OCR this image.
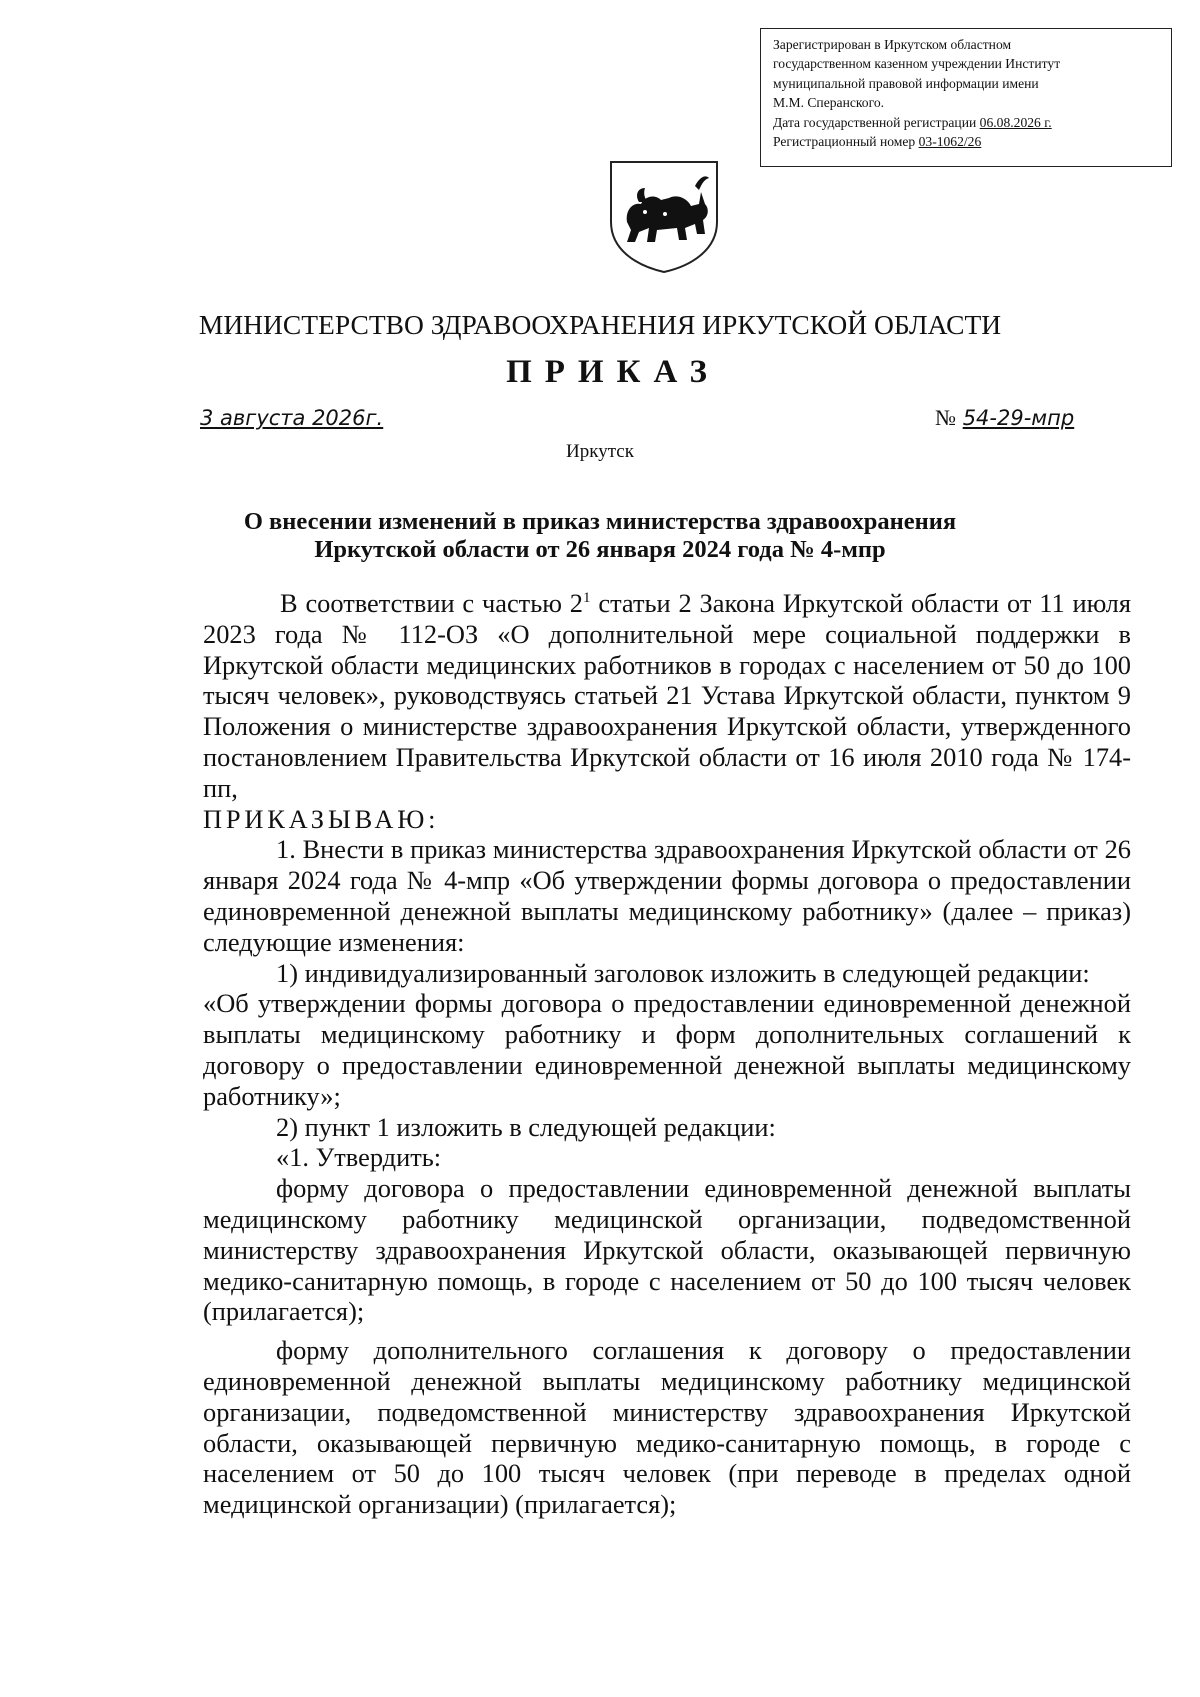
Зарегистрирован в Иркутском областном
государственном казенном учреждении Институт
муниципальной правовой информации имени
М.М. Сперанского.
Дата государственной регистрации 06.08.2026 г.
Регистрационный номер 03-1062/26
МИНИСТЕРСТВО ЗДРАВООХРАНЕНИЯ ИРКУТСКОЙ ОБЛАСТИ
ПРИКАЗ
3 августа 2026г.	№ 54-29-мпр
Иркутск
О внесении изменений в приказ министерства здравоохранения
Иркутской области от 26 января 2024 года № 4-мпр

В соответствии с частью $2^1$ статьи 2 Закона Иркутской области от 11 июля 2023 года № 112-ОЗ «О дополнительной мере социальной поддержки в Иркутской области медицинских работников в городах с населением от 50 до 100 тысяч человек», руководствуясь статьей 21 Устава Иркутской области, пунктом 9 Положения о министерстве здравоохранения Иркутской области, утвержденного постановлением Правительства Иркутской области от 16 июля 2010 года № 174-пп,

ПРИКАЗЫВАЮ:

1. Внести в приказ министерства здравоохранения Иркутской области от 26 января 2024 года № 4-мпр «Об утверждении формы договора о предоставлении единовременной денежной выплаты медицинскому работнику» (далее – приказ) следующие изменения:

1) индивидуализированный заголовок изложить в следующей редакции:

«Об утверждении формы договора о предоставлении единовременной денежной выплаты медицинскому работнику и форм дополнительных соглашений к договору о предоставлении единовременной денежной выплаты медицинскому работнику»;

2) пункт 1 изложить в следующей редакции:

«1. Утвердить:

форму договора о предоставлении единовременной денежной выплаты медицинскому работнику медицинской организации, подведомственной министерству здравоохранения Иркутской области, оказывающей первичную медико-санитарную помощь, в городе с населением от 50 до 100 тысяч человек (прилагается);

форму дополнительного соглашения к договору о предоставлении единовременной денежной выплаты медицинскому работнику медицинской организации, подведомственной министерству здравоохранения Иркутской области, оказывающей первичную медико-санитарную помощь, в городе с населением от 50 до 100 тысяч человек (при переводе в пределах одной медицинской организации) (прилагается);
